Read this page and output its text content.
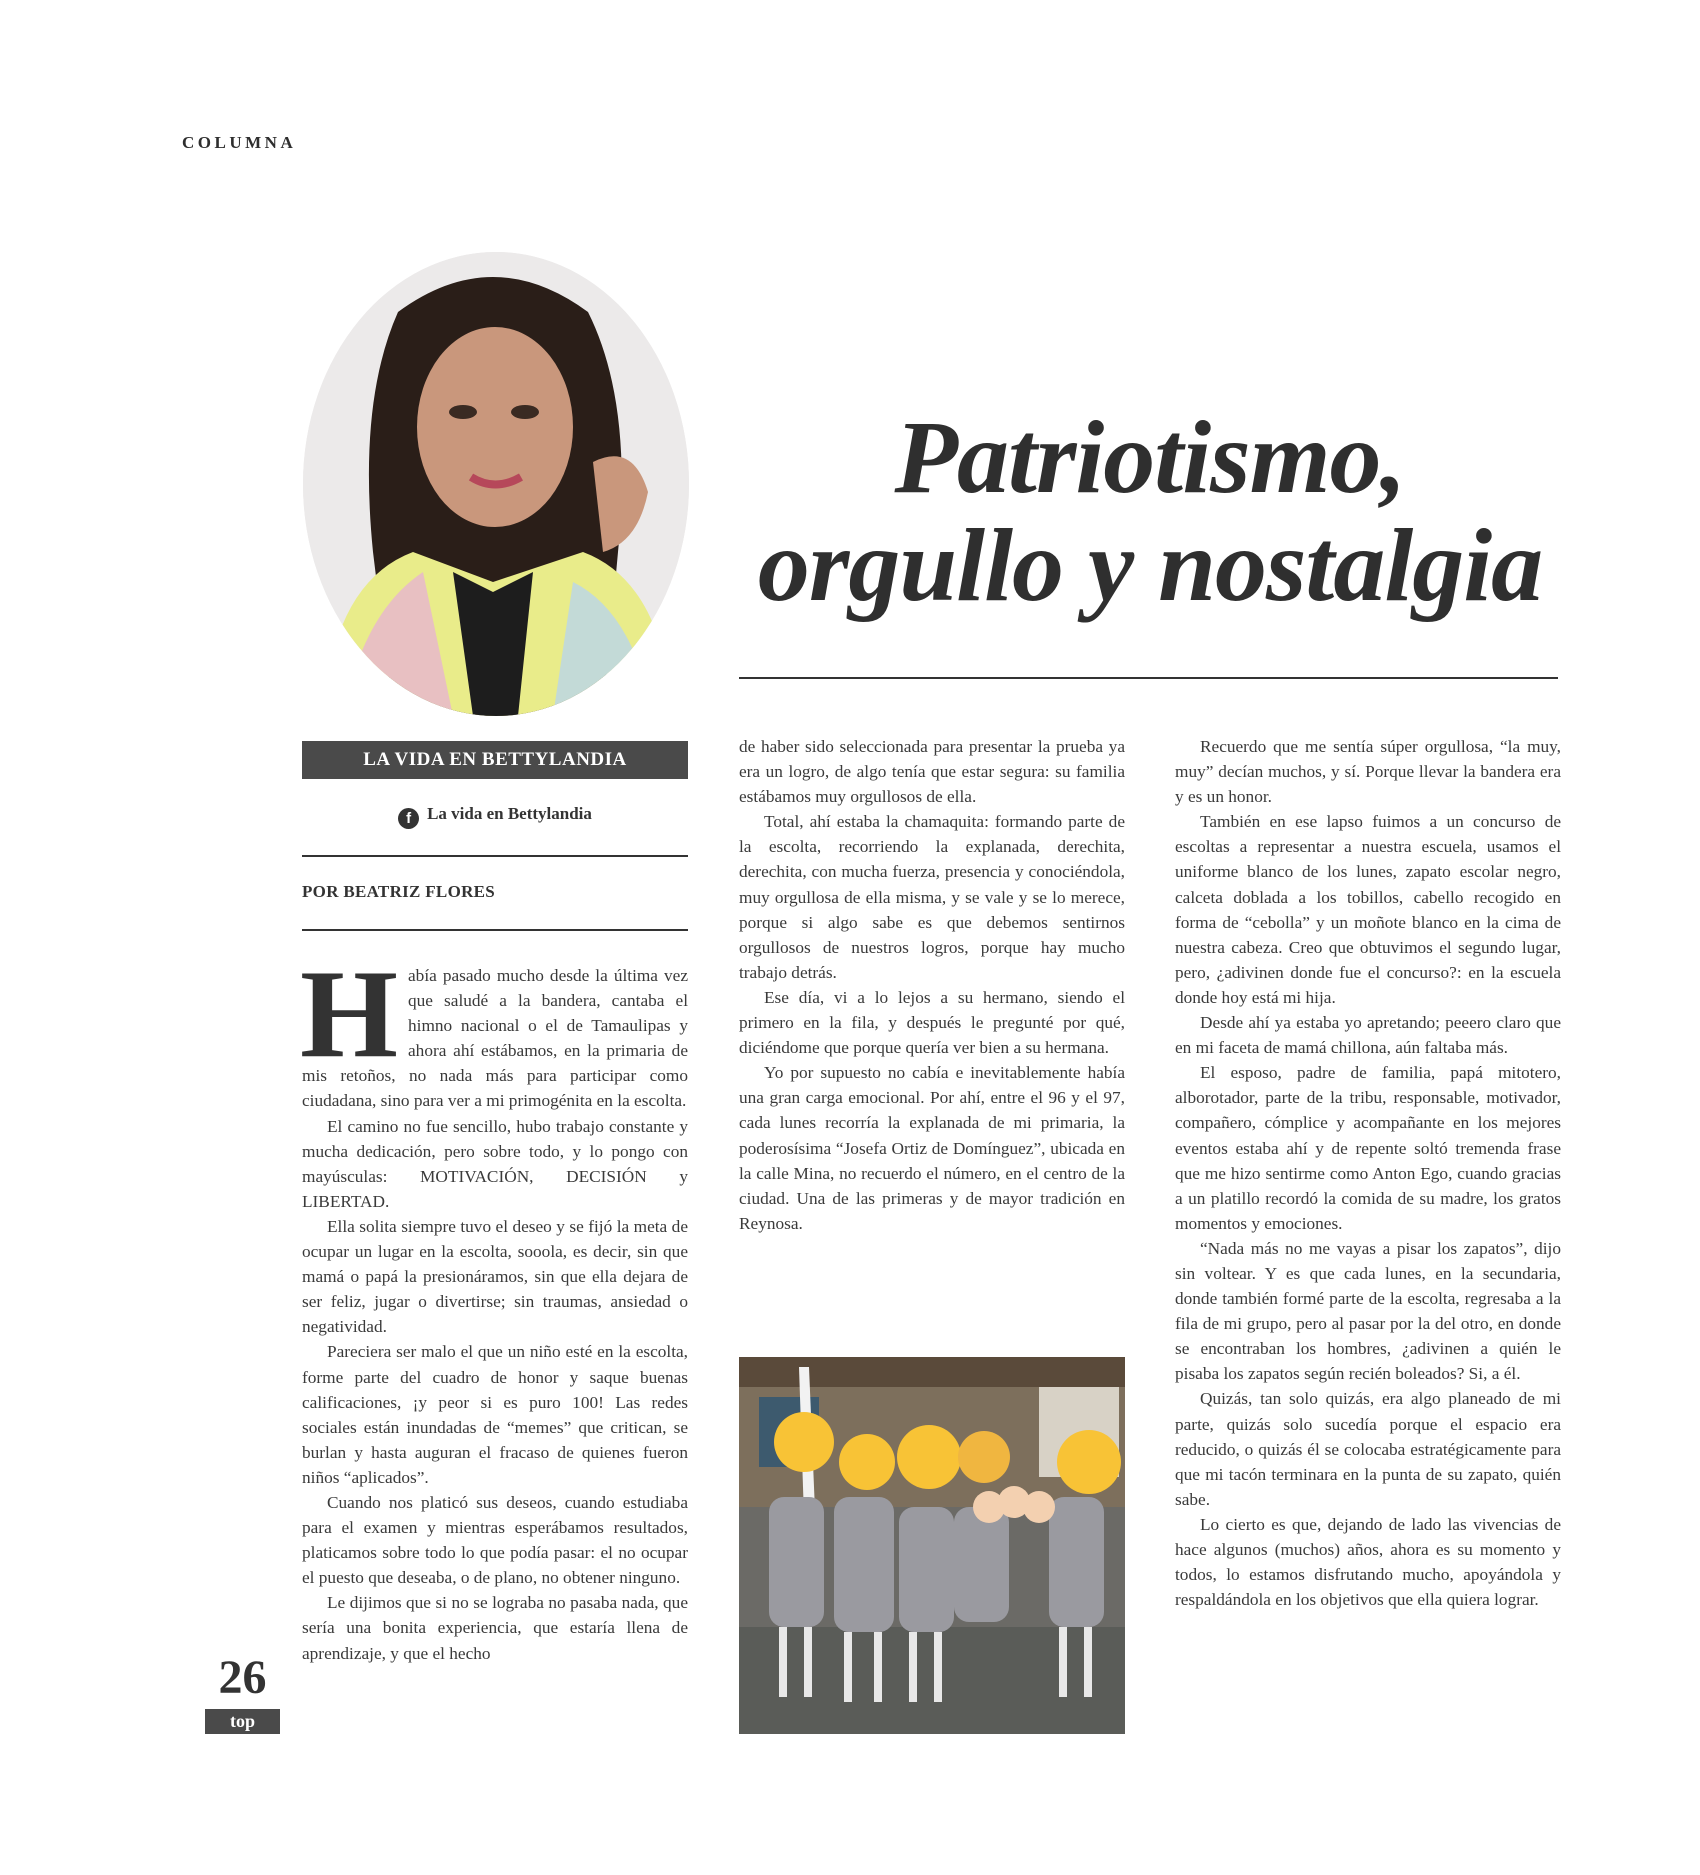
COLUMNA
Patriotismo,
orgullo y nostalgia
LA VIDA EN BETTYLANDIA
f La vida en Bettylandia
POR BEATRIZ FLORES

Había pasado mucho desde la última vez que saludé a la bandera, cantaba el himno nacional o el de Tamaulipas y ahora ahí estábamos, en la primaria de mis retoños, no nada más para participar como ciudadana, sino para ver a mi primogénita en la escolta.

El camino no fue sencillo, hubo trabajo constante y mucha dedicación, pero sobre todo, y lo pongo con mayúsculas: MOTIVACIÓN, DECISIÓN y LIBERTAD.

Ella solita siempre tuvo el deseo y se fijó la meta de ocupar un lugar en la escolta, sooola, es decir, sin que mamá o papá la presionáramos, sin que ella dejara de ser feliz, jugar o divertirse; sin traumas, ansiedad o negatividad.

Pareciera ser malo el que un niño esté en la escolta, forme parte del cuadro de honor y saque buenas calificaciones, ¡y peor si es puro 100! Las redes sociales están inundadas de “memes” que critican, se burlan y hasta auguran el fracaso de quienes fueron niños “aplicados”.

Cuando nos platicó sus deseos, cuando estudiaba para el examen y mientras esperábamos resultados, platicamos sobre todo lo que podía pasar: el no ocupar el puesto que deseaba, o de plano, no obtener ninguno.

Le dijimos que si no se lograba no pasaba nada, que sería una bonita experiencia, que estaría llena de aprendizaje, y que el hecho

de haber sido seleccionada para presentar la prueba ya era un logro, de algo tenía que estar segura: su familia estábamos muy orgullosos de ella.

Total, ahí estaba la chamaquita: formando parte de la escolta, recorriendo la explanada, derechita, derechita, con mucha fuerza, presencia y conociéndola, muy orgullosa de ella misma, y se vale y se lo merece, porque si algo sabe es que debemos sentirnos orgullosos de nuestros logros, porque hay mucho trabajo detrás.

Ese día, vi a lo lejos a su hermano, siendo el primero en la fila, y después le pregunté por qué, diciéndome que porque quería ver bien a su hermana.

Yo por supuesto no cabía e inevitablemente había una gran carga emocional. Por ahí, entre el 96 y el 97, cada lunes recorría la explanada de mi primaria, la poderosísima “Josefa Ortiz de Domínguez”, ubicada en la calle Mina, no recuerdo el número, en el centro de la ciudad. Una de las primeras y de mayor tradición en Reynosa.

Recuerdo que me sentía súper orgullosa, “la muy, muy” decían muchos, y sí. Porque llevar la bandera era y es un honor.

También en ese lapso fuimos a un concurso de escoltas a representar a nuestra escuela, usamos el uniforme blanco de los lunes, zapato escolar negro, calceta doblada a los tobillos, cabello recogido en forma de “cebolla” y un moñote blanco en la cima de nuestra cabeza. Creo que obtuvimos el segundo lugar, pero, ¿adivinen donde fue el concurso?: en la escuela donde hoy está mi hija.

Desde ahí ya estaba yo apretando; peeero claro que en mi faceta de mamá chillona, aún faltaba más.

El esposo, padre de familia, papá mitotero, alborotador, parte de la tribu, responsable, motivador, compañero, cómplice y acompañante en los mejores eventos estaba ahí y de repente soltó tremenda frase que me hizo sentirme como Anton Ego, cuando gracias a un platillo recordó la comida de su madre, los gratos momentos y emociones.

“Nada más no me vayas a pisar los zapatos”, dijo sin voltear. Y es que cada lunes, en la secundaria, donde también formé parte de la escolta, regresaba a la fila de mi grupo, pero al pasar por la del otro, en donde se encontraban los hombres, ¿adivinen a quién le pisaba los zapatos según recién boleados? Si, a él.

Quizás, tan solo quizás, era algo planeado de mi parte, quizás solo sucedía porque el espacio era reducido, o quizás él se colocaba estratégicamente para que mi tacón terminara en la punta de su zapato, quién sabe.

Lo cierto es que, dejando de lado las vivencias de hace algunos (muchos) años, ahora es su momento y todos, lo estamos disfrutando mucho, apoyándola y respaldándola en los objetivos que ella quiera lograr.

26
top
